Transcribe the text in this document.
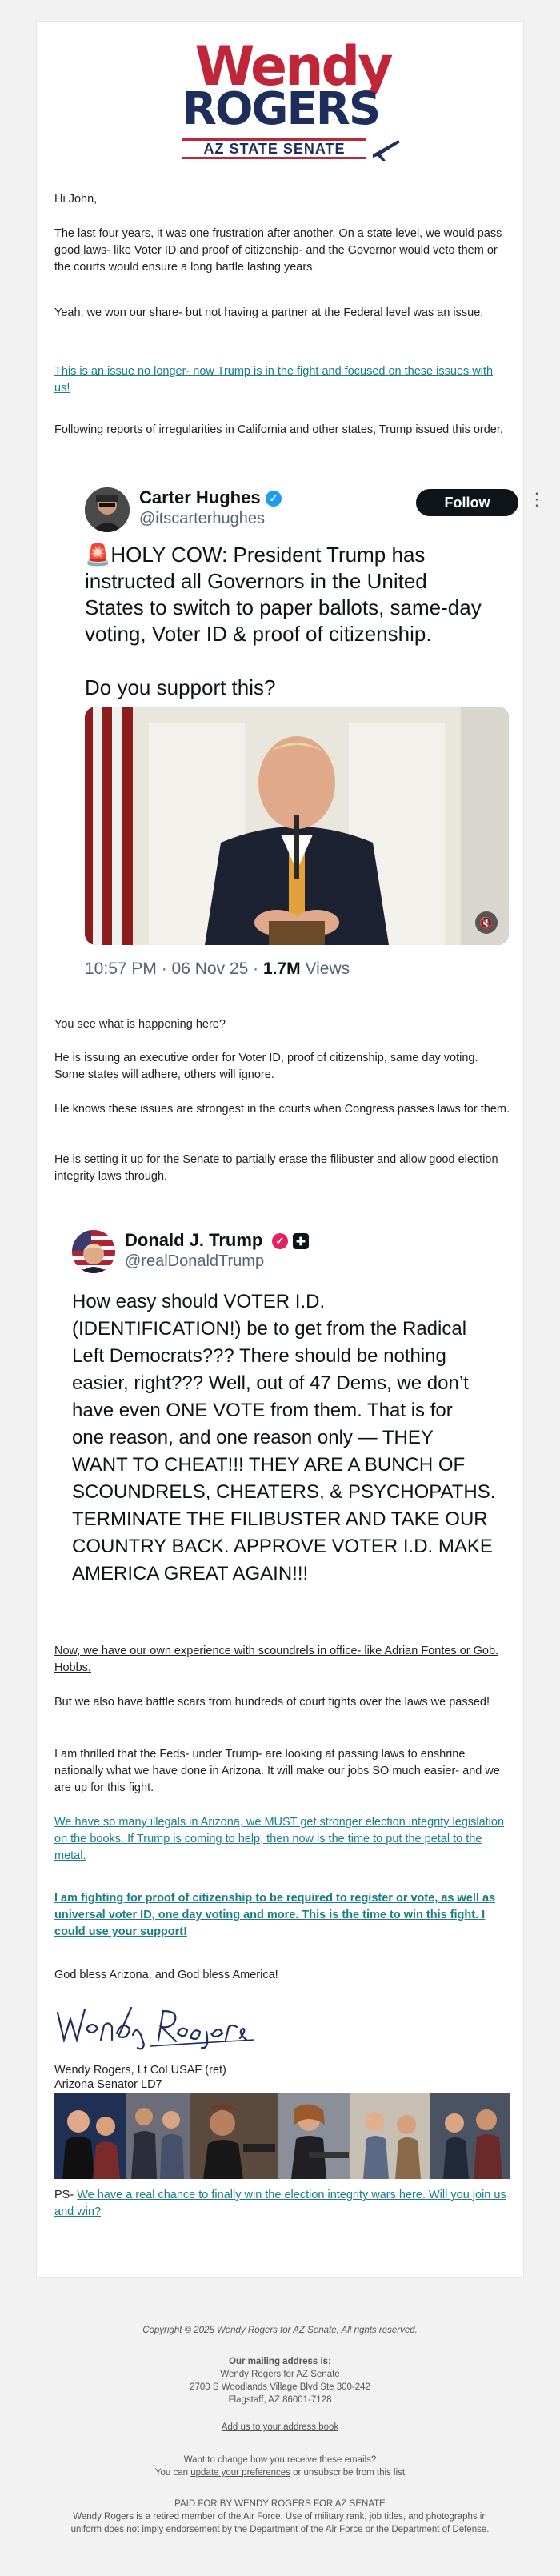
Wendy
ROGERS
AZ STATE SENATE
Hi John,
The last four years, it was one frustration after another. On a state level, we would pass good laws- like Voter ID and proof of citizenship- and the Governor would veto them or the courts would ensure a long battle lasting years.
Yeah, we won our share- but not having a partner at the Federal level was an issue.
This is an issue no longer- now Trump is in the fight and focused on these issues with us!
Following reports of irregularities in California and other states, Trump issued this order.
Carter Hughes ✓
@itscarterhughes
Follow	⋮
🚨HOLY COW: President Trump has
instructed all Governors in the United
States to switch to paper ballots, same-day
voting, Voter ID & proof of citizenship.
Do you support this?
🔇
10:57 PM · 06 Nov 25 · 1.7M Views
You see what is happening here?
He is issuing an executive order for Voter ID, proof of citizenship, same day voting. Some states will adhere, others will ignore.
He knows these issues are strongest in the courts when Congress passes laws for them.
He is setting it up for the Senate to partially erase the filibuster and allow good election integrity laws through.
Donald J. Trump	✓	✚
@realDonaldTrump
How easy should VOTER I.D.
(IDENTIFICATION!) be to get from the Radical
Left Democrats??? There should be nothing
easier, right??? Well, out of 47 Dems, we don’t
have even ONE VOTE from them. That is for
one reason, and one reason only — THEY
WANT TO CHEAT!!! THEY ARE A BUNCH OF
SCOUNDRELS, CHEATERS, & PSYCHOPATHS.
TERMINATE THE FILIBUSTER AND TAKE OUR
COUNTRY BACK. APPROVE VOTER I.D. MAKE
AMERICA GREAT AGAIN!!!
Now, we have our own experience with scoundrels in office- like Adrian Fontes or Gob. Hobbs.
But we also have battle scars from hundreds of court fights over the laws we passed!
I am thrilled that the Feds- under Trump- are looking at passing laws to enshrine nationally what we have done in Arizona. It will make our jobs SO much easier- and we are up for this fight.
We have so many illegals in Arizona, we MUST get stronger election integrity legislation on the books. If Trump is coming to help, then now is the time to put the petal to the metal.
I am fighting for proof of citizenship to be required to register or vote, as well as universal voter ID, one day voting and more. This is the time to win this fight. I could use your support!
God bless Arizona, and God bless America!
Wendy Rogers, Lt Col USAF (ret)
Arizona Senator LD7
PS- We have a real chance to finally win the election integrity wars here. Will you join us and win?
Copyright © 2025 Wendy Rogers for AZ Senate, All rights reserved.
Our mailing address is:
Wendy Rogers for AZ Senate
2700 S Woodlands Village Blvd Ste 300-242
Flagstaff, AZ 86001-7128
Add us to your address book
Want to change how you receive these emails?
You can update your preferences or unsubscribe from this list
PAID FOR BY WENDY ROGERS FOR AZ SENATE
Wendy Rogers is a retired member of the Air Force. Use of military rank, job titles, and photographs in
uniform does not imply endorsement by the Department of the Air Force or the Department of Defense.
